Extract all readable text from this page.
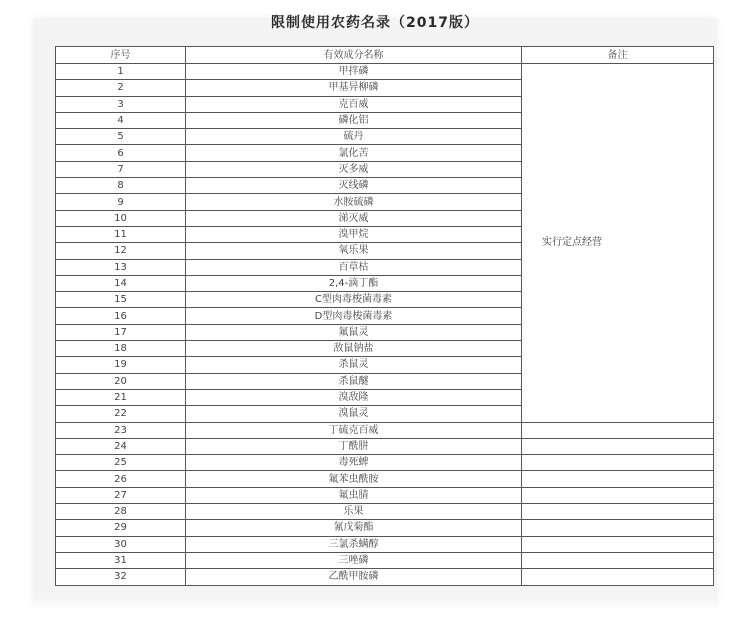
限制使用农药名录（2017版）
序号	有效成分名称	备注
1	甲拌磷	实行定点经营
2	甲基异柳磷	
3	克百威	
4	磷化铝	
5	硫丹	
6	氯化苦	
7	灭多威	
8	灭线磷	
9	水胺硫磷	
10	涕灭威	
11	溴甲烷	
12	氧乐果	
13	百草枯	
14	2,4-滴丁酯	
15	C型肉毒梭菌毒素	
16	D型肉毒梭菌毒素	
17	氟鼠灵	
18	敌鼠钠盐	
19	杀鼠灵	
20	杀鼠醚	
21	溴敌隆	
22	溴鼠灵	
23	丁硫克百威	
24	丁酰肼	
25	毒死蜱	
26	氟苯虫酰胺	
27	氟虫腈	
28	乐果	
29	氰戊菊酯	
30	三氯杀螨醇	
31	三唑磷	
32	乙酰甲胺磷	
